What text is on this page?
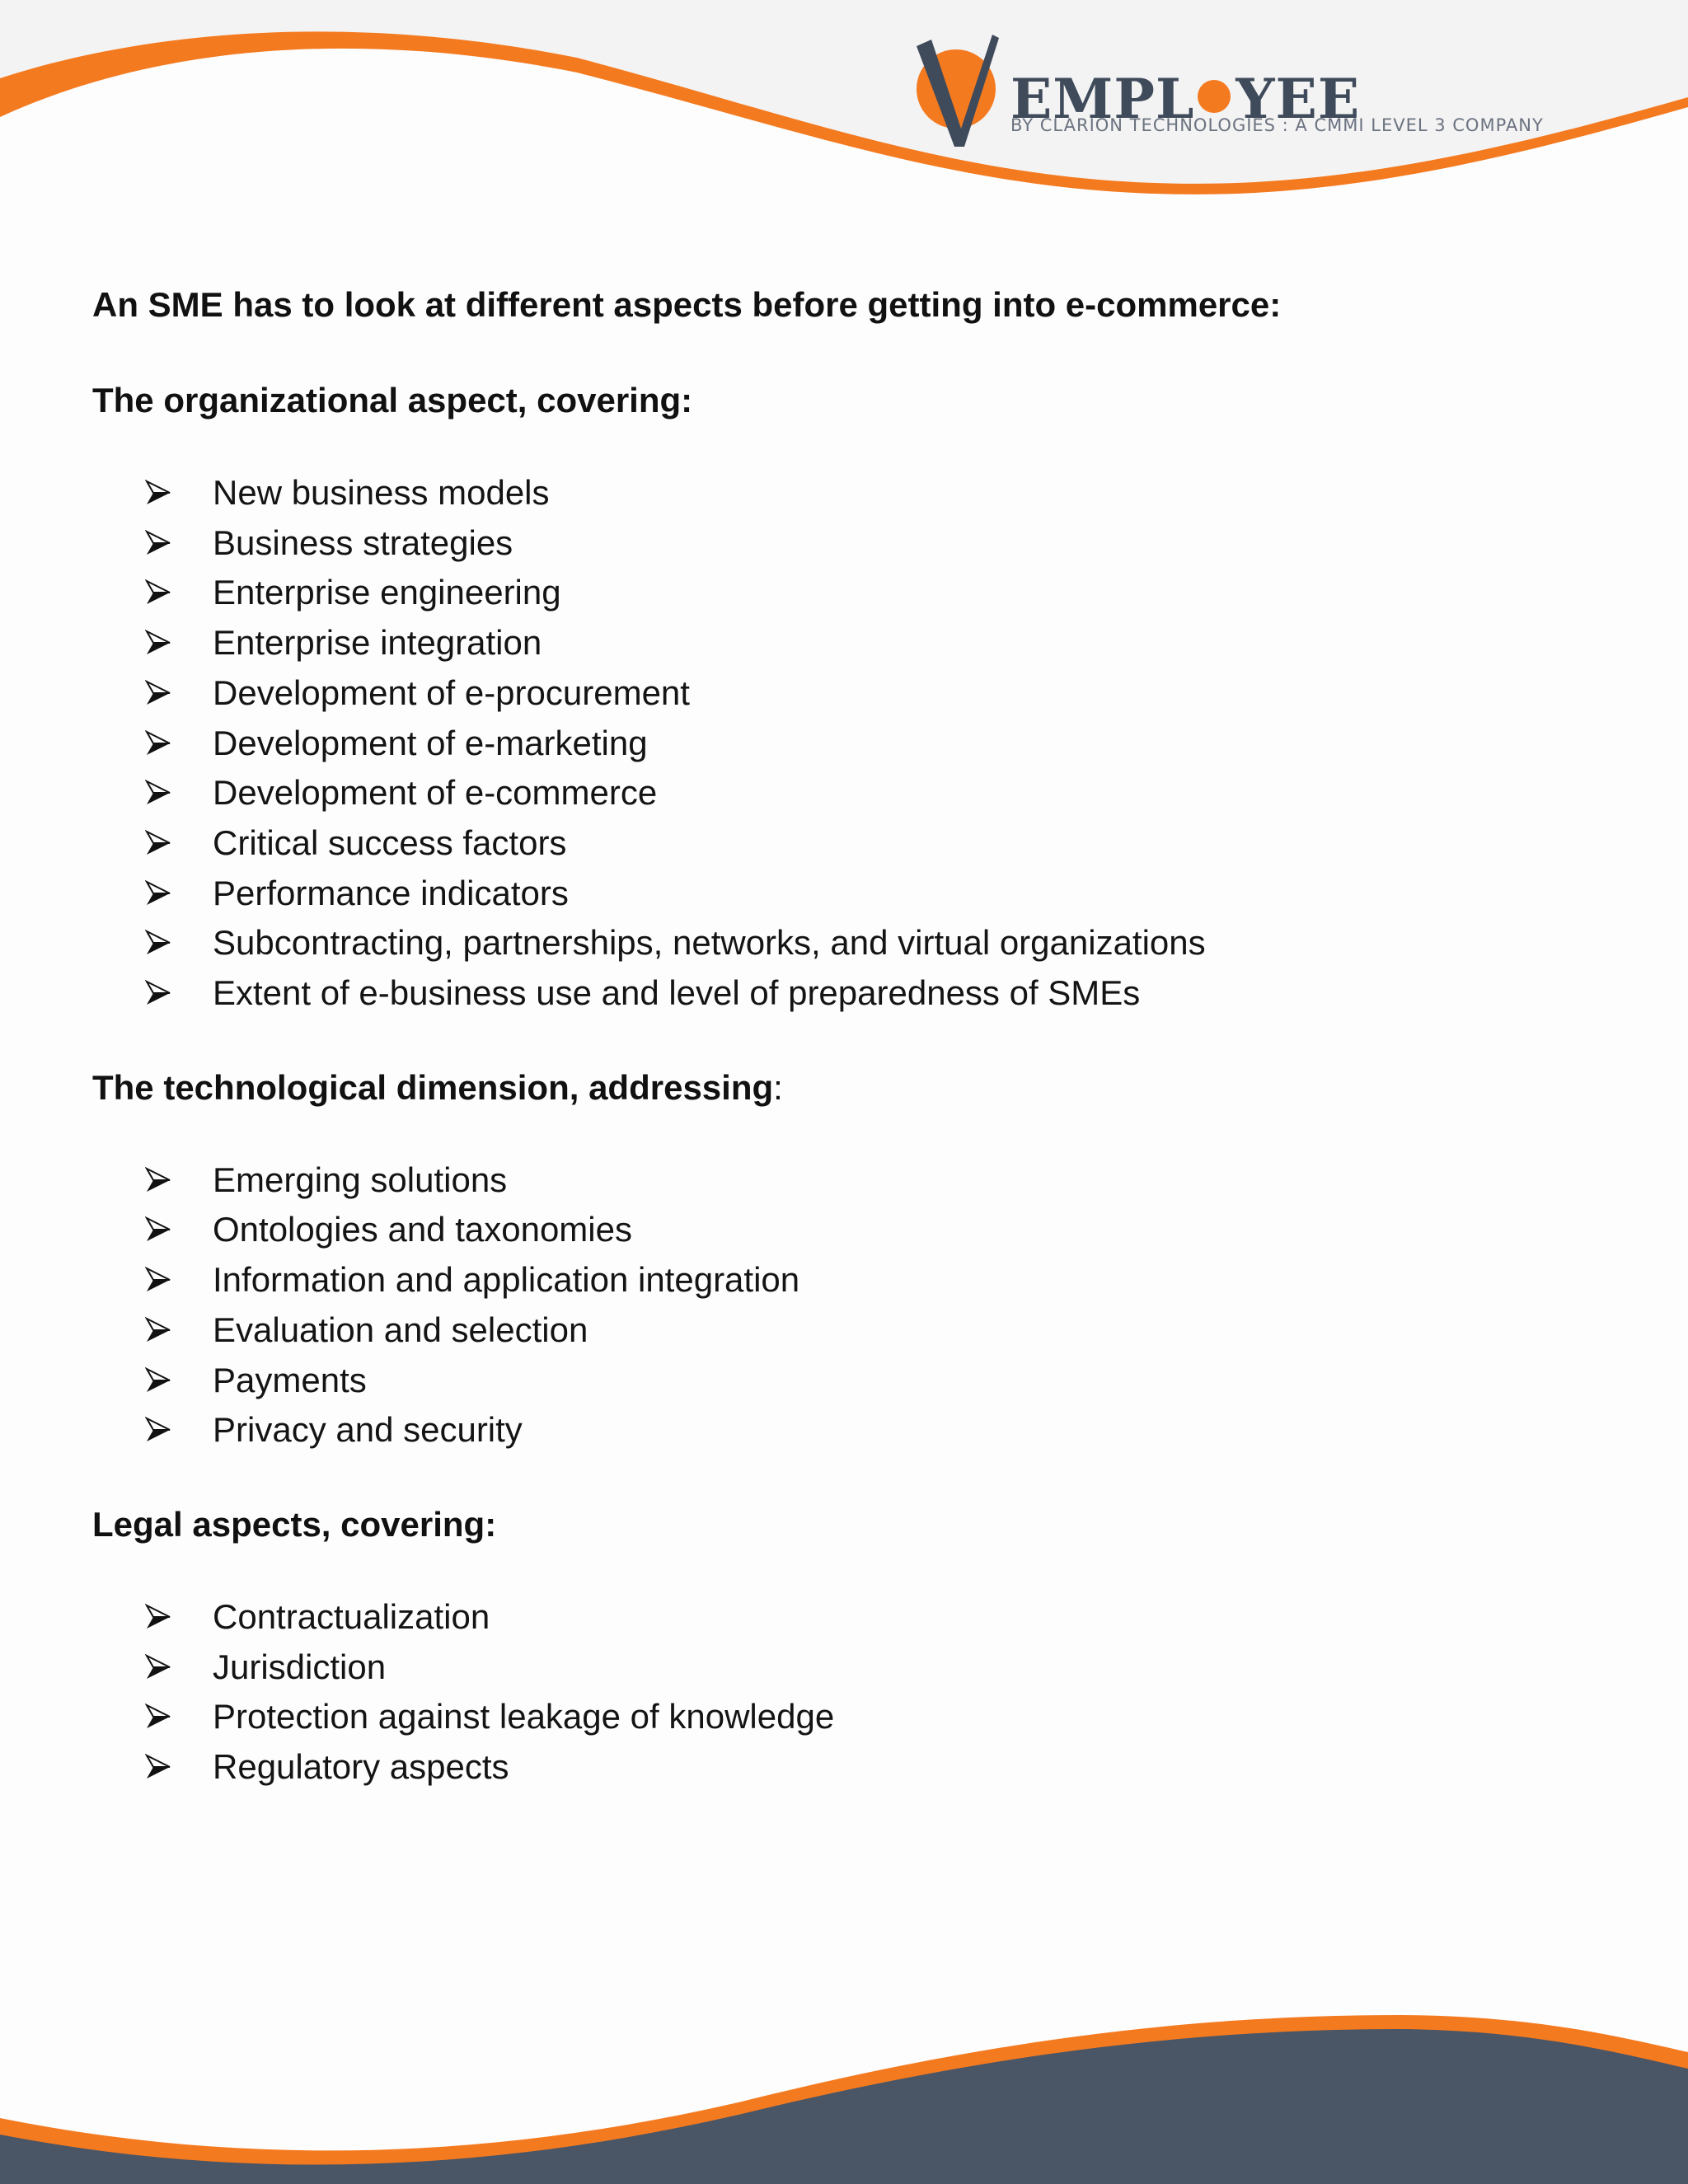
EMPL YEE
BY CLARION TECHNOLOGIES : A CMMI LEVEL 3 COMPANY

An SME has to look at different aspects before getting into e-commerce:

The organizational aspect, covering:

New business models
Business strategies
Enterprise engineering
Enterprise integration
Development of e-procurement
Development of e-marketing
Development of e-commerce
Critical success factors
Performance indicators
Subcontracting, partnerships, networks, and virtual organizations
Extent of e-business use and level of preparedness of SMEs

The technological dimension, addressing:

Emerging solutions
Ontologies and taxonomies
Information and application integration
Evaluation and selection
Payments
Privacy and security

Legal aspects, covering:

Contractualization
Jurisdiction
Protection against leakage of knowledge
Regulatory aspects
